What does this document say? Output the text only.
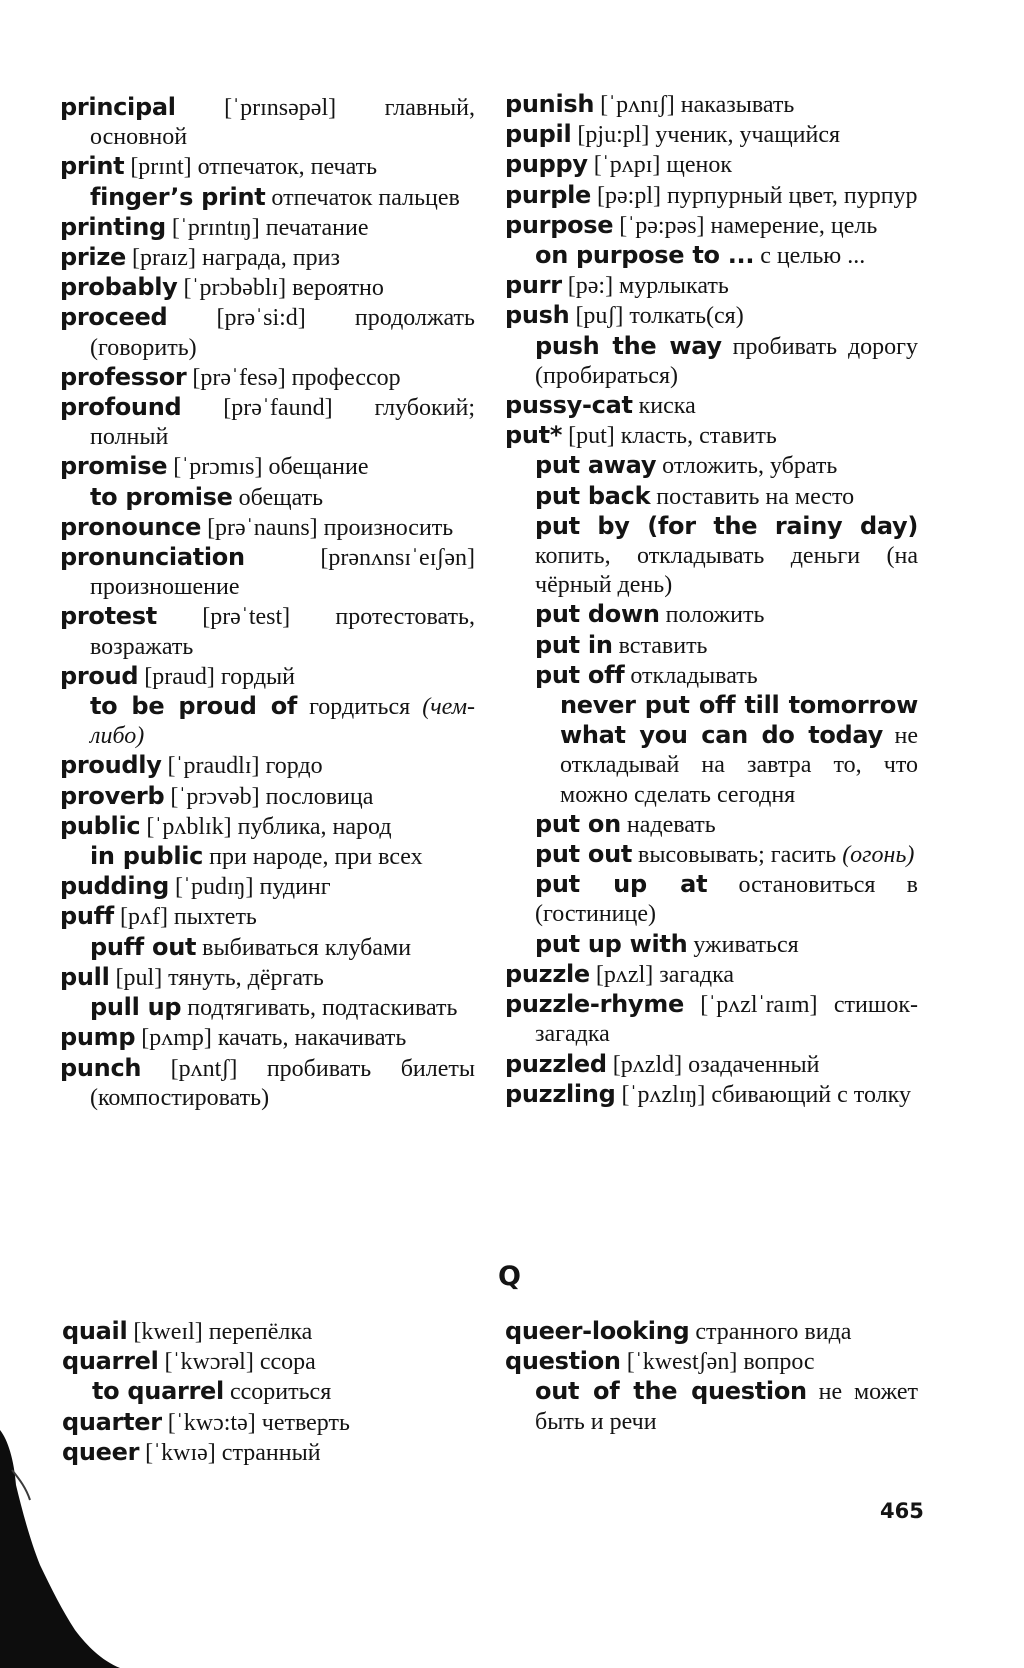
principal [ˈprɪnsəpəl] главный, основной
print [prɪnt] отпечаток, печать
finger’s print отпечаток пальцев
printing [ˈprɪntɪŋ] печатание
prize [praɪz] награда, приз
probably [ˈprɔbəblɪ] вероятно
proceed [prəˈsi:d] продолжать (говорить)
professor [prəˈfesə] профессор
profound [prəˈfaund] глубокий; полный
promise [ˈprɔmɪs] обещание
to promise обещать
pronounce [prəˈnauns] произносить
pronunciation [prənʌnsɪˈeɪʃən] произношение
protest [prəˈtest] протестовать, возражать
proud [praud] гордый
to be proud of гордиться (чем-либо)
proudly [ˈpraudlɪ] гордо
proverb [ˈprɔvəb] пословица
public [ˈpʌblɪk] публика, народ
in public при народе, при всех
pudding [ˈpudɪŋ] пудинг
puff [pʌf] пыхтеть
puff out выбиваться клубами
pull [pul] тянуть, дёргать
pull up подтягивать, подтаскивать
pump [pʌmp] качать, накачивать
punch [pʌntʃ] пробивать билеты (компостировать)
punish [ˈpʌnɪʃ] наказывать
pupil [pju:pl] ученик, учащийся
puppy [ˈpʌpɪ] щенок
purple [pə:pl] пурпурный цвет, пурпур
purpose [ˈpə:pəs] намерение, цель
on purpose to ... с целью ...
purr [pə:] мурлыкать
push [puʃ] толкать(ся)
push the way пробивать дорогу (пробираться)
pussy-cat киска
put* [put] класть, ставить
put away отложить, убрать
put back поставить на место
put by (for the rainy day) копить, откладывать деньги (на чёрный день)
put down положить
put in вставить
put off откладывать
never put off till tomorrow what you can do today не откладывай на завтра то, что можно сделать сегодня
put on надевать
put out высовывать; гасить (огонь)
put up at остановиться в (гостинице)
put up with уживаться
puzzle [pʌzl] загадка
puzzle-rhyme [ˈpʌzlˈraɪm] стишок-загадка
puzzled [pʌzld] озадаченный
puzzling [ˈpʌzlɪŋ] сбивающий с толку
Q
quail [kweɪl] перепёлка
quarrel [ˈkwɔrəl] ссора
to quarrel ссориться
quarter [ˈkwɔ:tə] четверть
queer [ˈkwɪə] странный
queer-looking странного вида
question [ˈkwestʃən] вопрос
out of the question не может быть и речи
465
